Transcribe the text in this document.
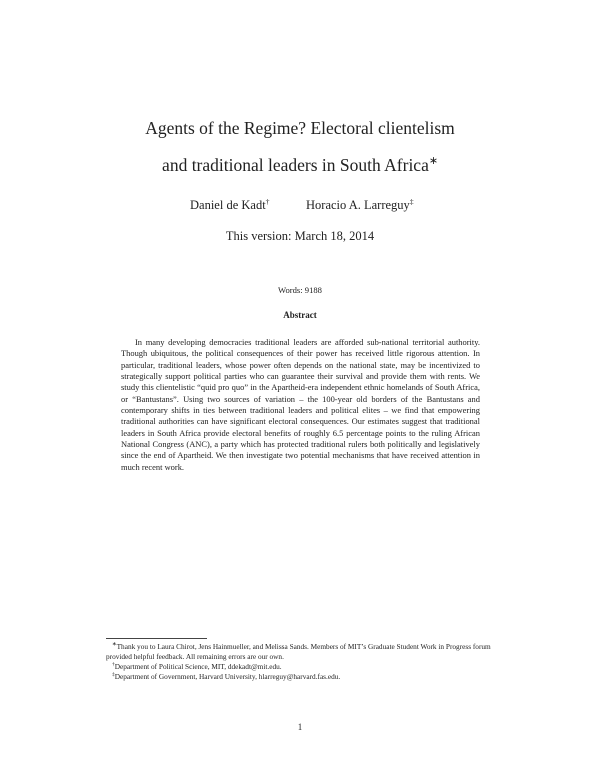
Agents of the Regime? Electoral clientelism
and traditional leaders in South Africa∗
Daniel de Kadt†	Horacio A. Larreguy‡
This version: March 18, 2014
Words: 9188
Abstract

In many developing democracies traditional leaders are afforded sub-national territorial authority. Though ubiquitous, the political consequences of their power has received little rigorous attention. In particular, traditional leaders, whose power often depends on the national state, may be incentivized to strategically support political parties who can guarantee their survival and provide them with rents. We study this clientelistic “quid pro quo” in the Apartheid-era independent ethnic homelands of South Africa, or “Bantustans”. Using two sources of variation – the 100-year old borders of the Bantustans and contemporary shifts in ties between traditional leaders and political elites – we find that empowering traditional authorities can have significant electoral consequences. Our estimates suggest that traditional leaders in South Africa provide electoral benefits of roughly 6.5 percentage points to the ruling African National Congress (ANC), a party which has protected traditional rulers both politically and legislatively since the end of Apartheid. We then investigate two potential mechanisms that have received attention in much recent work.

∗Thank you to Laura Chirot, Jens Hainmueller, and Melissa Sands. Members of MIT’s Graduate Student Work in Progress forum provided helpful feedback. All remaining errors are our own.

†Department of Political Science, MIT, ddekadt@mit.edu.

‡Department of Government, Harvard University, hlarreguy@harvard.fas.edu.

1
